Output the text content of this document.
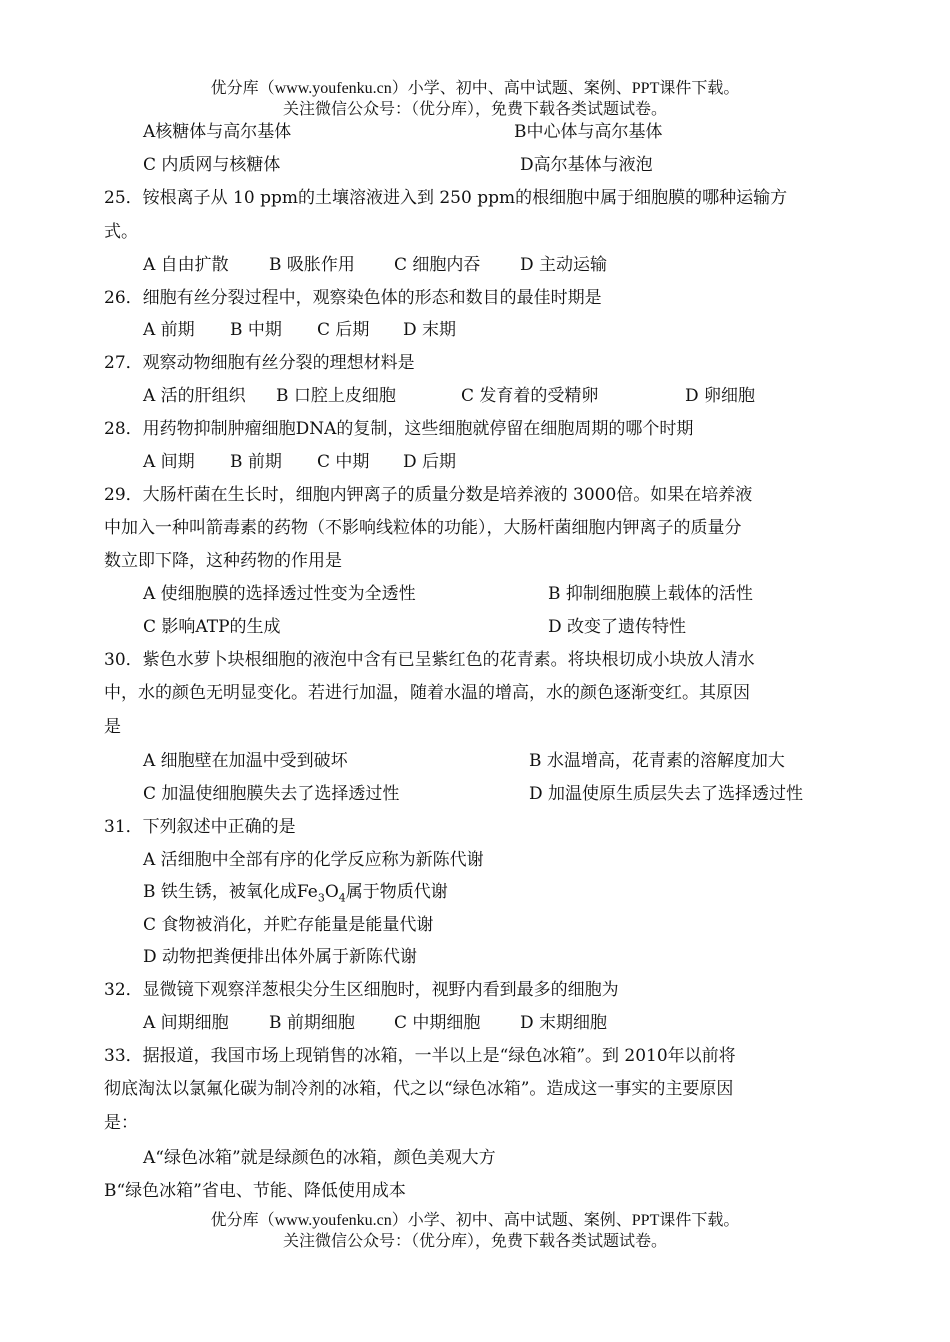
优分库（www.youfenku.cn）小学、初中、高中试题、案例、PPT课件下载。
关注微信公众号：（优分库），免费下载各类试题试卷。
A核糖体与高尔基体	B中心体与高尔基体
C 内质网与核糖体	D高尔基体与液泡
25．铵根离子从 10 ppm的土壤溶液进入到 250 ppm的根细胞中属于细胞膜的哪种运输方
式。
A 自由扩散 B 吸胀作用 C 细胞内吞 D 主动运输
26．细胞有丝分裂过程中，观察染色体的形态和数目的最佳时期是
A 前期 B 中期 C 后期 D 末期
27．观察动物细胞有丝分裂的理想材料是
A 活的肝组织 B 口腔上皮细胞	C 发育着的受精卵	D 卵细胞
28．用药物抑制肿瘤细胞DNA的复制，这些细胞就停留在细胞周期的哪个时期
A 间期 B 前期 C 中期 D 后期
29．大肠杆菌在生长时，细胞内钾离子的质量分数是培养液的 3000倍。如果在培养液
中加入一种叫箭毒素的药物（不影响线粒体的功能），大肠杆菌细胞内钾离子的质量分
数立即下降，这种药物的作用是
A 使细胞膜的选择透过性变为全透性	B 抑制细胞膜上载体的活性
C 影响ATP的生成	D 改变了遗传特性
30．紫色水萝卜块根细胞的液泡中含有已呈紫红色的花青素。将块根切成小块放人清水
中，水的颜色无明显变化。若进行加温，随着水温的增高，水的颜色逐渐变红。其原因
是
A 细胞壁在加温中受到破坏	B 水温增高，花青素的溶解度加大
C 加温使细胞膜失去了选择透过性	D 加温使原生质层失去了选择透过性
31．下列叙述中正确的是
A 活细胞中全部有序的化学反应称为新陈代谢
B 铁生锈，被氧化成$Fe_3O_4$属于物质代谢
C 食物被消化，并贮存能量是能量代谢
D 动物把粪便排出体外属于新陈代谢
32．显微镜下观察洋葱根尖分生区细胞时，视野内看到最多的细胞为
A 间期细胞 B 前期细胞 C 中期细胞 D 末期细胞
33．据报道，我国市场上现销售的冰箱，一半以上是“绿色冰箱”。到 2010年以前将
彻底淘汰以氯氟化碳为制冷剂的冰箱，代之以“绿色冰箱”。造成这一事实的主要原因
是：
A“绿色冰箱”就是绿颜色的冰箱，颜色美观大方
B“绿色冰箱”省电、节能、降低使用成本
优分库（www.youfenku.cn）小学、初中、高中试题、案例、PPT课件下载。
关注微信公众号：（优分库），免费下载各类试题试卷。
